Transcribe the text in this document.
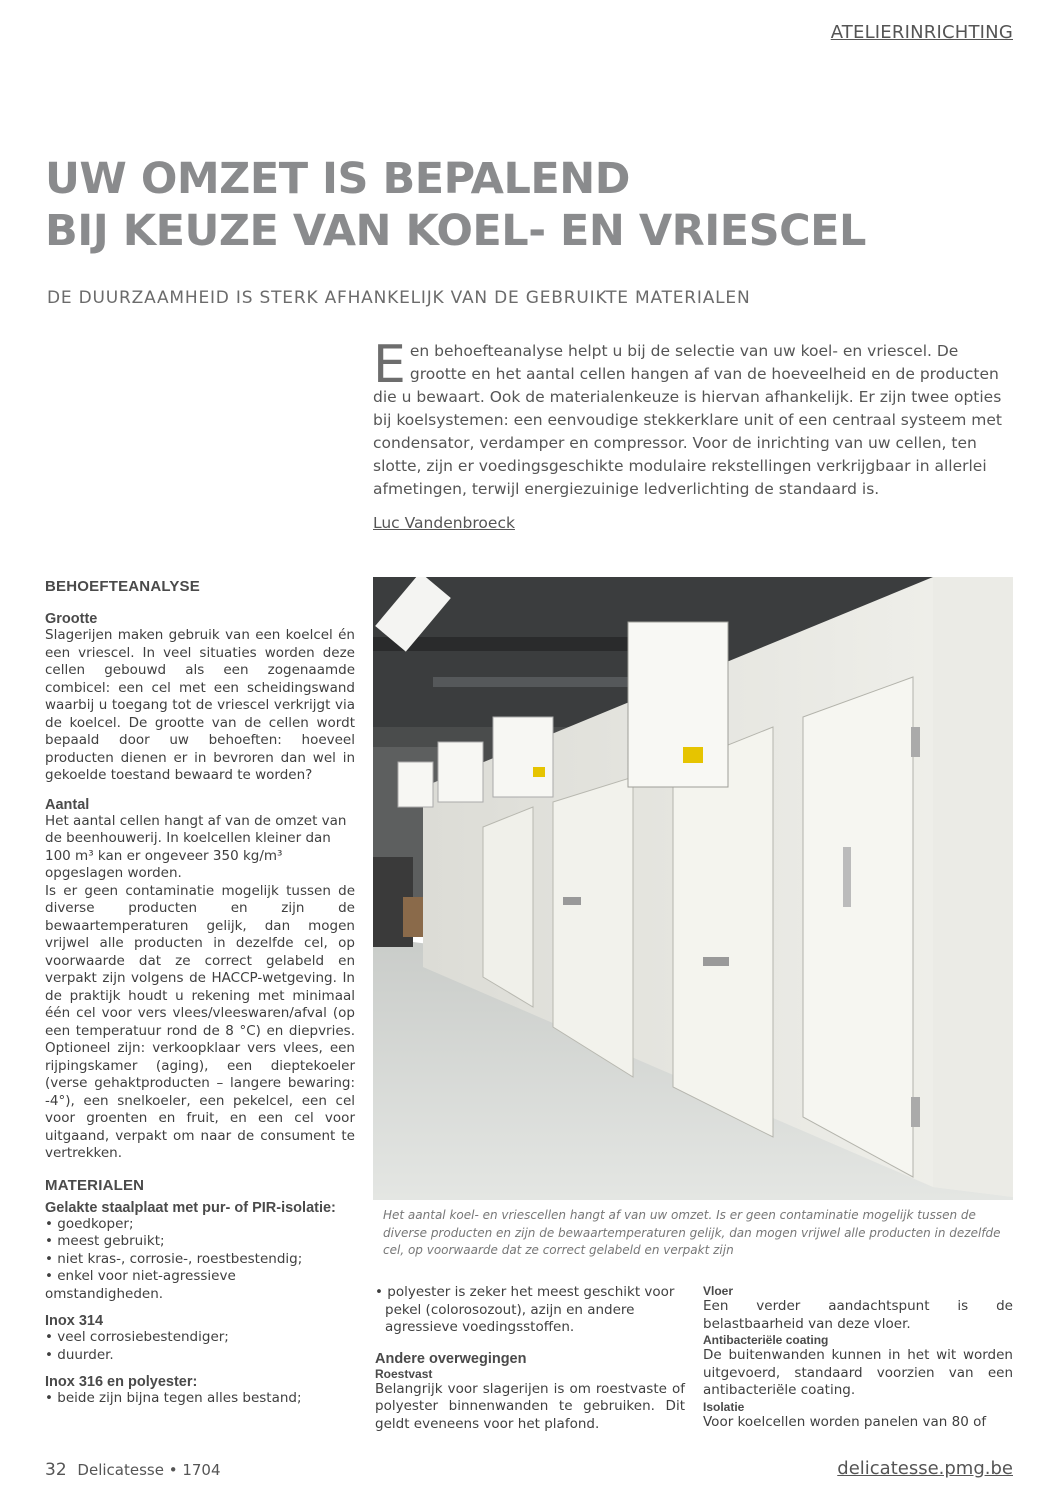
ATELIERINRICHTING
UW OMZET IS BEPALEND
BIJ KEUZE VAN KOEL- EN VRIESCEL
DE DUURZAAMHEID IS STERK AFHANKELIJK VAN DE GEBRUIKTE MATERIALEN

Een behoefteanalyse helpt u bij de selectie van uw koel- en vriescel. De grootte en het aantal cellen hangen af van de hoeveelheid en de producten die u bewaart. Ook de materialenkeuze is hiervan afhankelijk. Er zijn twee opties bij koelsystemen: een eenvoudige stekkerklare unit of een centraal systeem met condensator, verdamper en compressor. Voor de inrichting van uw cellen, ten slotte, zijn er voedingsgeschikte modulaire rekstellingen verkrijgbaar in allerlei afmetingen, terwijl energiezuinige ledverlichting de standaard is.

Luc Vandenbroeck
BEHOEFTEANALYSE
Grootte

Slagerijen maken gebruik van een koelcel én een vriescel. In veel situaties worden deze cellen gebouwd als een zogenaamde combicel: een cel met een scheidingswand waarbij u toegang tot de vriescel verkrijgt via de koelcel. De grootte van de cellen wordt bepaald door uw behoeften: hoeveel producten dienen er in bevroren dan wel in gekoelde toestand bewaard te worden?

Aantal

Het aantal cellen hangt af van de omzet van de beenhouwerij. In koelcellen kleiner dan 100 m³ kan er ongeveer 350 kg/m³ opgeslagen worden.

Is er geen contaminatie mogelijk tussen de diverse producten en zijn de bewaartemperaturen gelijk, dan mogen vrijwel alle producten in dezelfde cel, op voorwaarde dat ze correct gelabeld en verpakt zijn volgens de HACCP-wetgeving. In de praktijk houdt u rekening met minimaal één cel voor vers vlees/vleeswaren/afval (op een temperatuur rond de 8 °C) en diepvries. Optioneel zijn: verkoopklaar vers vlees, een rijpingskamer (aging), een dieptekoeler (verse gehaktproducten – langere bewaring: -4°), een snelkoeler, een pekelcel, een cel voor groenten en fruit, en een cel voor uitgaand, verpakt om naar de consument te vertrekken.

MATERIALEN
Gelakte staalplaat met pur- of PIR-isolatie:
• goedkoper;
• meest gebruikt;
• niet kras-, corrosie-, roestbestendig;
• enkel voor niet-agressieve omstandigheden.
Inox 314
• veel corrosiebestendiger;
• duurder.
Inox 316 en polyester:
• beide zijn bijna tegen alles bestand;

Het aantal koel- en vriescellen hangt af van uw omzet. Is er geen contaminatie mogelijk tussen de diverse producten en zijn de bewaartemperaturen gelijk, dan mogen vrijwel alle producten in dezelfde cel, op voorwaarde dat ze correct gelabeld en verpakt zijn

• polyester is zeker het meest geschikt voor pekel (colorosozout), azijn en andere agressieve voedingsstoffen.

Andere overwegingen
Roestvast

Belangrijk voor slagerijen is om roestvaste of polyester binnenwanden te gebruiken. Dit geldt eveneens voor het plafond.

Vloer

Een verder aandachtspunt is de belastbaarheid van deze vloer.

Antibacteriële coating

De buitenwanden kunnen in het wit worden uitgevoerd, standaard voorzien van een antibacteriële coating.

Isolatie

Voor koelcellen worden panelen van 80 of

32 Delicatesse • 1704	delicatesse.pmg.be
